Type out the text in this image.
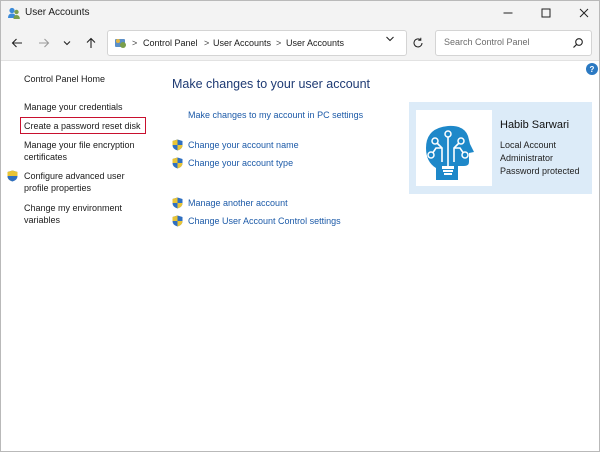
User Accounts
> Control Panel > User Accounts > User Accounts
Search Control Panel
?
Control Panel Home
Manage your credentials
Create a password reset disk
Manage your file encryption
certificates
Configure advanced user
profile properties
Change my environment
variables
Make changes to your user account
Make changes to my account in PC settings
Change your account name
Change your account type
Manage another account
Change User Account Control settings
Habib Sarwari
Local Account
Administrator
Password protected
